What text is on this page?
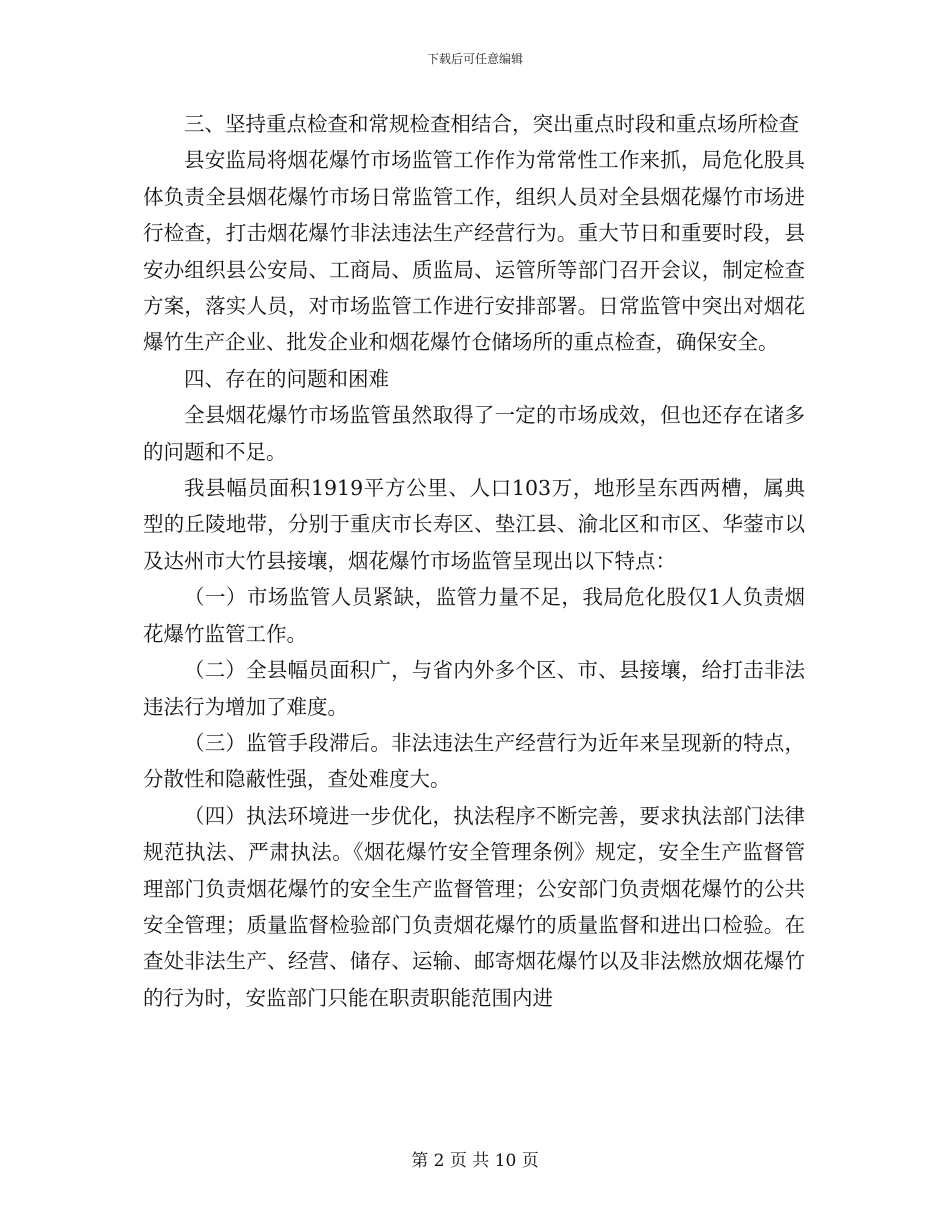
下载后可任意编辑

三、坚持重点检查和常规检查相结合，突出重点时段和重点场所检查

县安监局将烟花爆竹市场监管工作作为常常性工作来抓，局危化股具体负责全县烟花爆竹市场日常监管工作，组织人员对全县烟花爆竹市场进行检查，打击烟花爆竹非法违法生产经营行为。重大节日和重要时段，县安办组织县公安局、工商局、质监局、运管所等部门召开会议，制定检查方案，落实人员，对市场监管工作进行安排部署。日常监管中突出对烟花爆竹生产企业、批发企业和烟花爆竹仓储场所的重点检查，确保安全。

四、存在的问题和困难

全县烟花爆竹市场监管虽然取得了一定的市场成效，但也还存在诸多的问题和不足。

我县幅员面积1919平方公里、人口103万，地形呈东西两槽，属典型的丘陵地带，分别于重庆市长寿区、垫江县、渝北区和市区、华蓥市以及达州市大竹县接壤，烟花爆竹市场监管呈现出以下特点：

（一）市场监管人员紧缺，监管力量不足，我局危化股仅1人负责烟花爆竹监管工作。

（二）全县幅员面积广，与省内外多个区、市、县接壤，给打击非法违法行为增加了难度。

（三）监管手段滞后。非法违法生产经营行为近年来呈现新的特点，分散性和隐蔽性强，查处难度大。

（四）执法环境进一步优化，执法程序不断完善，要求执法部门法律规范执法、严肃执法。《烟花爆竹安全管理条例》规定，安全生产监督管理部门负责烟花爆竹的安全生产监督管理；公安部门负责烟花爆竹的公共安全管理；质量监督检验部门负责烟花爆竹的质量监督和进出口检验。在查处非法生产、经营、储存、运输、邮寄烟花爆竹以及非法燃放烟花爆竹的行为时，安监部门只能在职责职能范围内进

第 2 页 共 10 页
